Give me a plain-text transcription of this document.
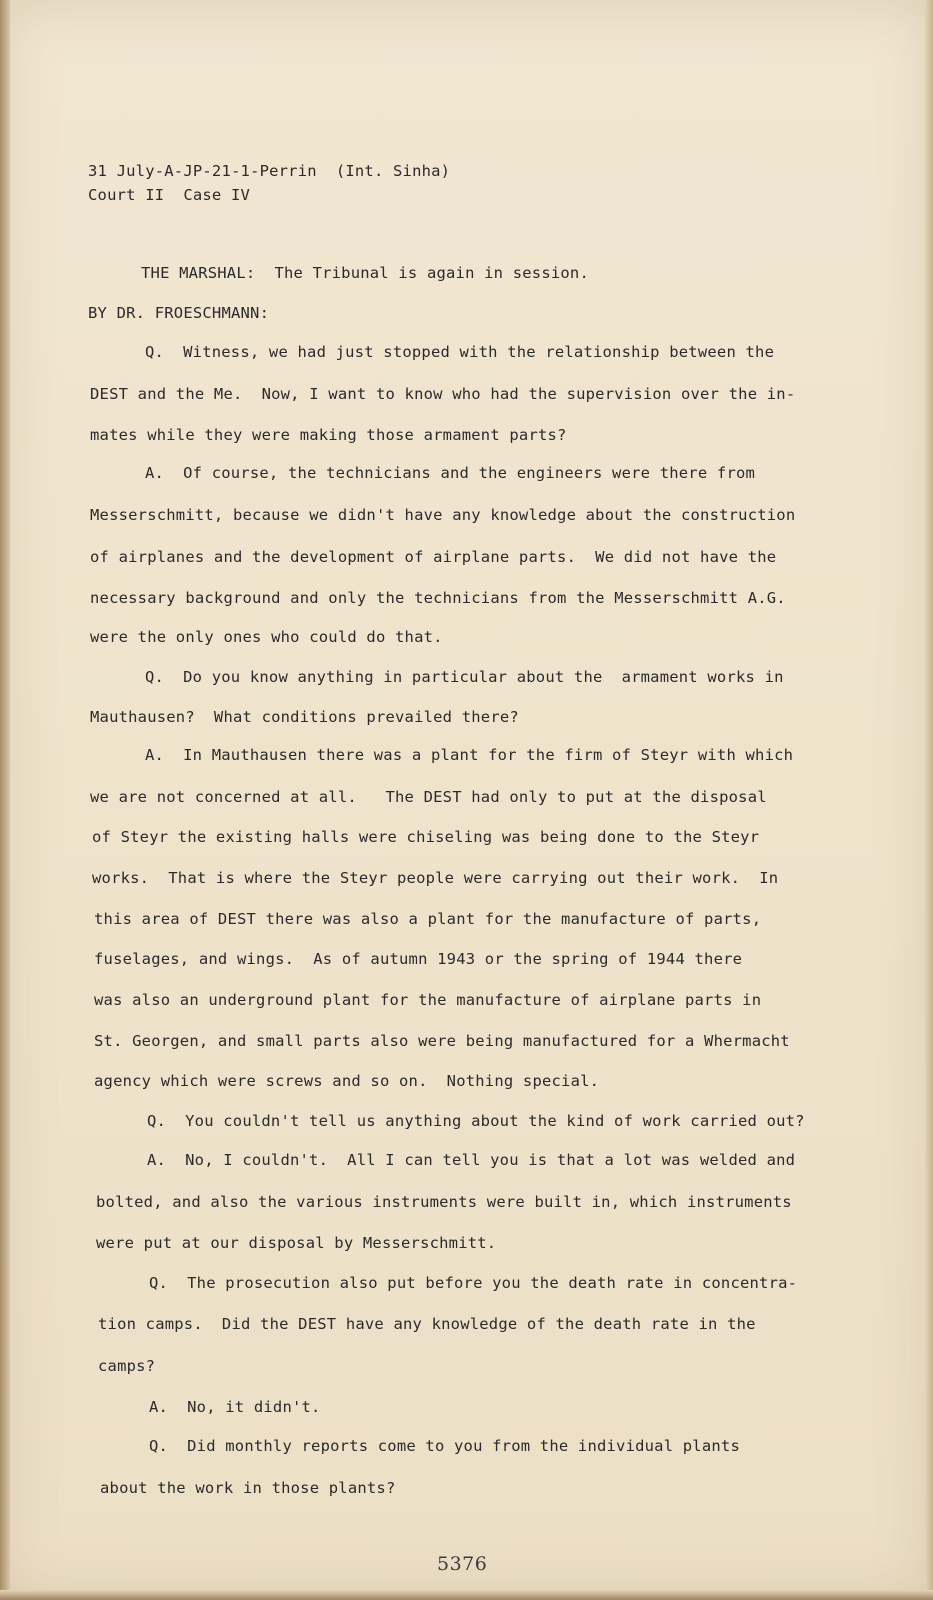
31 July-A-JP-21-1-Perrin  (Int. Sinha)
Court II  Case IV
THE MARSHAL:  The Tribunal is again in session.
BY DR. FROESCHMANN:
Q.  Witness, we had just stopped with the relationship between the
DEST and the Me.  Now, I want to know who had the supervision over the in-
mates while they were making those armament parts?
A.  Of course, the technicians and the engineers were there from
Messerschmitt, because we didn't have any knowledge about the construction
of airplanes and the development of airplane parts.  We did not have the
necessary background and only the technicians from the Messerschmitt A.G.
were the only ones who could do that.
Q.  Do you know anything in particular about the  armament works in
Mauthausen?  What conditions prevailed there?
A.  In Mauthausen there was a plant for the firm of Steyr with which
we are not concerned at all.   The DEST had only to put at the disposal
of Steyr the existing halls were chiseling was being done to the Steyr
works.  That is where the Steyr people were carrying out their work.  In
this area of DEST there was also a plant for the manufacture of parts,
fuselages, and wings.  As of autumn 1943 or the spring of 1944 there
was also an underground plant for the manufacture of airplane parts in
St. Georgen, and small parts also were being manufactured for a Whermacht
agency which were screws and so on.  Nothing special.
Q.  You couldn't tell us anything about the kind of work carried out?
A.  No, I couldn't.  All I can tell you is that a lot was welded and
bolted, and also the various instruments were built in, which instruments
were put at our disposal by Messerschmitt.
Q.  The prosecution also put before you the death rate in concentra-
tion camps.  Did the DEST have any knowledge of the death rate in the
camps?
A.  No, it didn't.
Q.  Did monthly reports come to you from the individual plants
about the work in those plants?
5376
